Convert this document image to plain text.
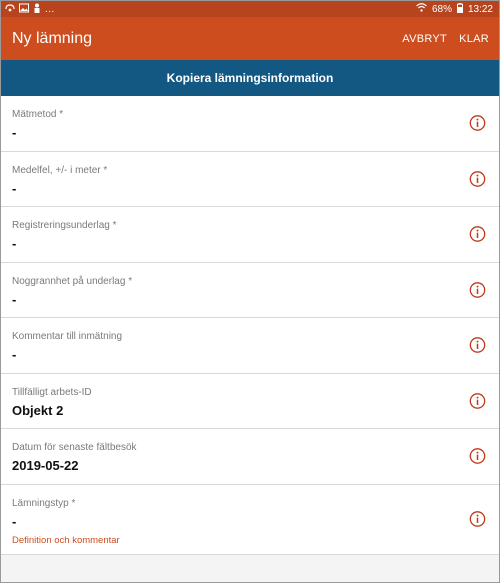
...	68% 13:22
Ny lämning	AVBRYT KLAR
Kopiera lämningsinformation
Mätmetod *
-
Medelfel, +/- i meter *
-
Registreringsunderlag *
-
Noggrannhet på underlag *
-
Kommentar till inmätning
-
Tillfälligt arbets-ID
Objekt 2
Datum för senaste fältbesök
2019-05-22
Lämningstyp *
-
Definition och kommentar
